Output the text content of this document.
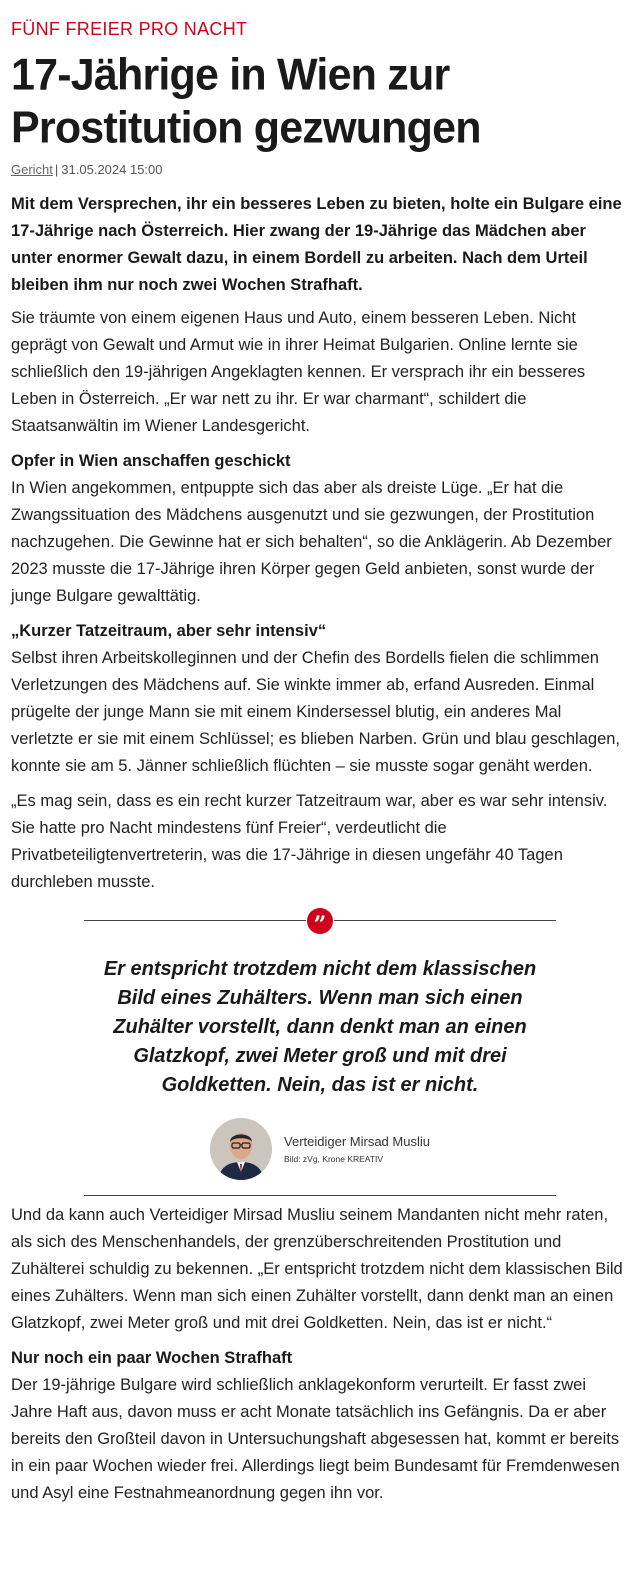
FÜNF FREIER PRO NACHT
17-Jährige in Wien zur Prostitution gezwungen
Gericht | 31.05.2024 15:00
Mit dem Versprechen, ihr ein besseres Leben zu bieten, holte ein Bulgare eine 17-Jährige nach Österreich. Hier zwang der 19-Jährige das Mädchen aber unter enormer Gewalt dazu, in einem Bordell zu arbeiten. Nach dem Urteil bleiben ihm nur noch zwei Wochen Strafhaft.

Sie träumte von einem eigenen Haus und Auto, einem besseren Leben. Nicht geprägt von Gewalt und Armut wie in ihrer Heimat Bulgarien. Online lernte sie schließlich den 19-jährigen Angeklagten kennen. Er versprach ihr ein besseres Leben in Österreich. „Er war nett zu ihr. Er war charmant“, schildert die Staatsanwältin im Wiener Landesgericht.

Opfer in Wien anschaffen geschickt

In Wien angekommen, entpuppte sich das aber als dreiste Lüge. „Er hat die Zwangssituation des Mädchens ausgenutzt und sie gezwungen, der Prostitution nachzugehen. Die Gewinne hat er sich behalten“, so die Anklägerin. Ab Dezember 2023 musste die 17-Jährige ihren Körper gegen Geld anbieten, sonst wurde der junge Bulgare gewalttätig.

„Kurzer Tatzeitraum, aber sehr intensiv“

Selbst ihren Arbeitskolleginnen und der Chefin des Bordells fielen die schlimmen Verletzungen des Mädchens auf. Sie winkte immer ab, erfand Ausreden. Einmal prügelte der junge Mann sie mit einem Kindersessel blutig, ein anderes Mal verletzte er sie mit einem Schlüssel; es blieben Narben. Grün und blau geschlagen, konnte sie am 5. Jänner schließlich flüchten – sie musste sogar genäht werden.

„Es mag sein, dass es ein recht kurzer Tatzeitraum war, aber es war sehr intensiv. Sie hatte pro Nacht mindestens fünf Freier“, verdeutlicht die Privatbeteiligtenvertreterin, was die 17-Jährige in diesen ungefähr 40 Tagen durchleben musste.

”
Er entspricht trotzdem nicht dem klassischen Bild eines Zuhälters. Wenn man sich einen Zuhälter vorstellt, dann denkt man an einen Glatzkopf, zwei Meter groß und mit drei Goldketten. Nein, das ist er nicht.
Verteidiger Mirsad Musliu
Bild: zVg, Krone KREATIV

Und da kann auch Verteidiger Mirsad Musliu seinem Mandanten nicht mehr raten, als sich des Menschenhandels, der grenzüberschreitenden Prostitution und Zuhälterei schuldig zu bekennen. „Er entspricht trotzdem nicht dem klassischen Bild eines Zuhälters. Wenn man sich einen Zuhälter vorstellt, dann denkt man an einen Glatzkopf, zwei Meter groß und mit drei Goldketten. Nein, das ist er nicht.“

Nur noch ein paar Wochen Strafhaft

Der 19-jährige Bulgare wird schließlich anklagekonform verurteilt. Er fasst zwei Jahre Haft aus, davon muss er acht Monate tatsächlich ins Gefängnis. Da er aber bereits den Großteil davon in Untersuchungshaft abgesessen hat, kommt er bereits in ein paar Wochen wieder frei. Allerdings liegt beim Bundesamt für Fremdenwesen und Asyl eine Festnahmeanordnung gegen ihn vor.
